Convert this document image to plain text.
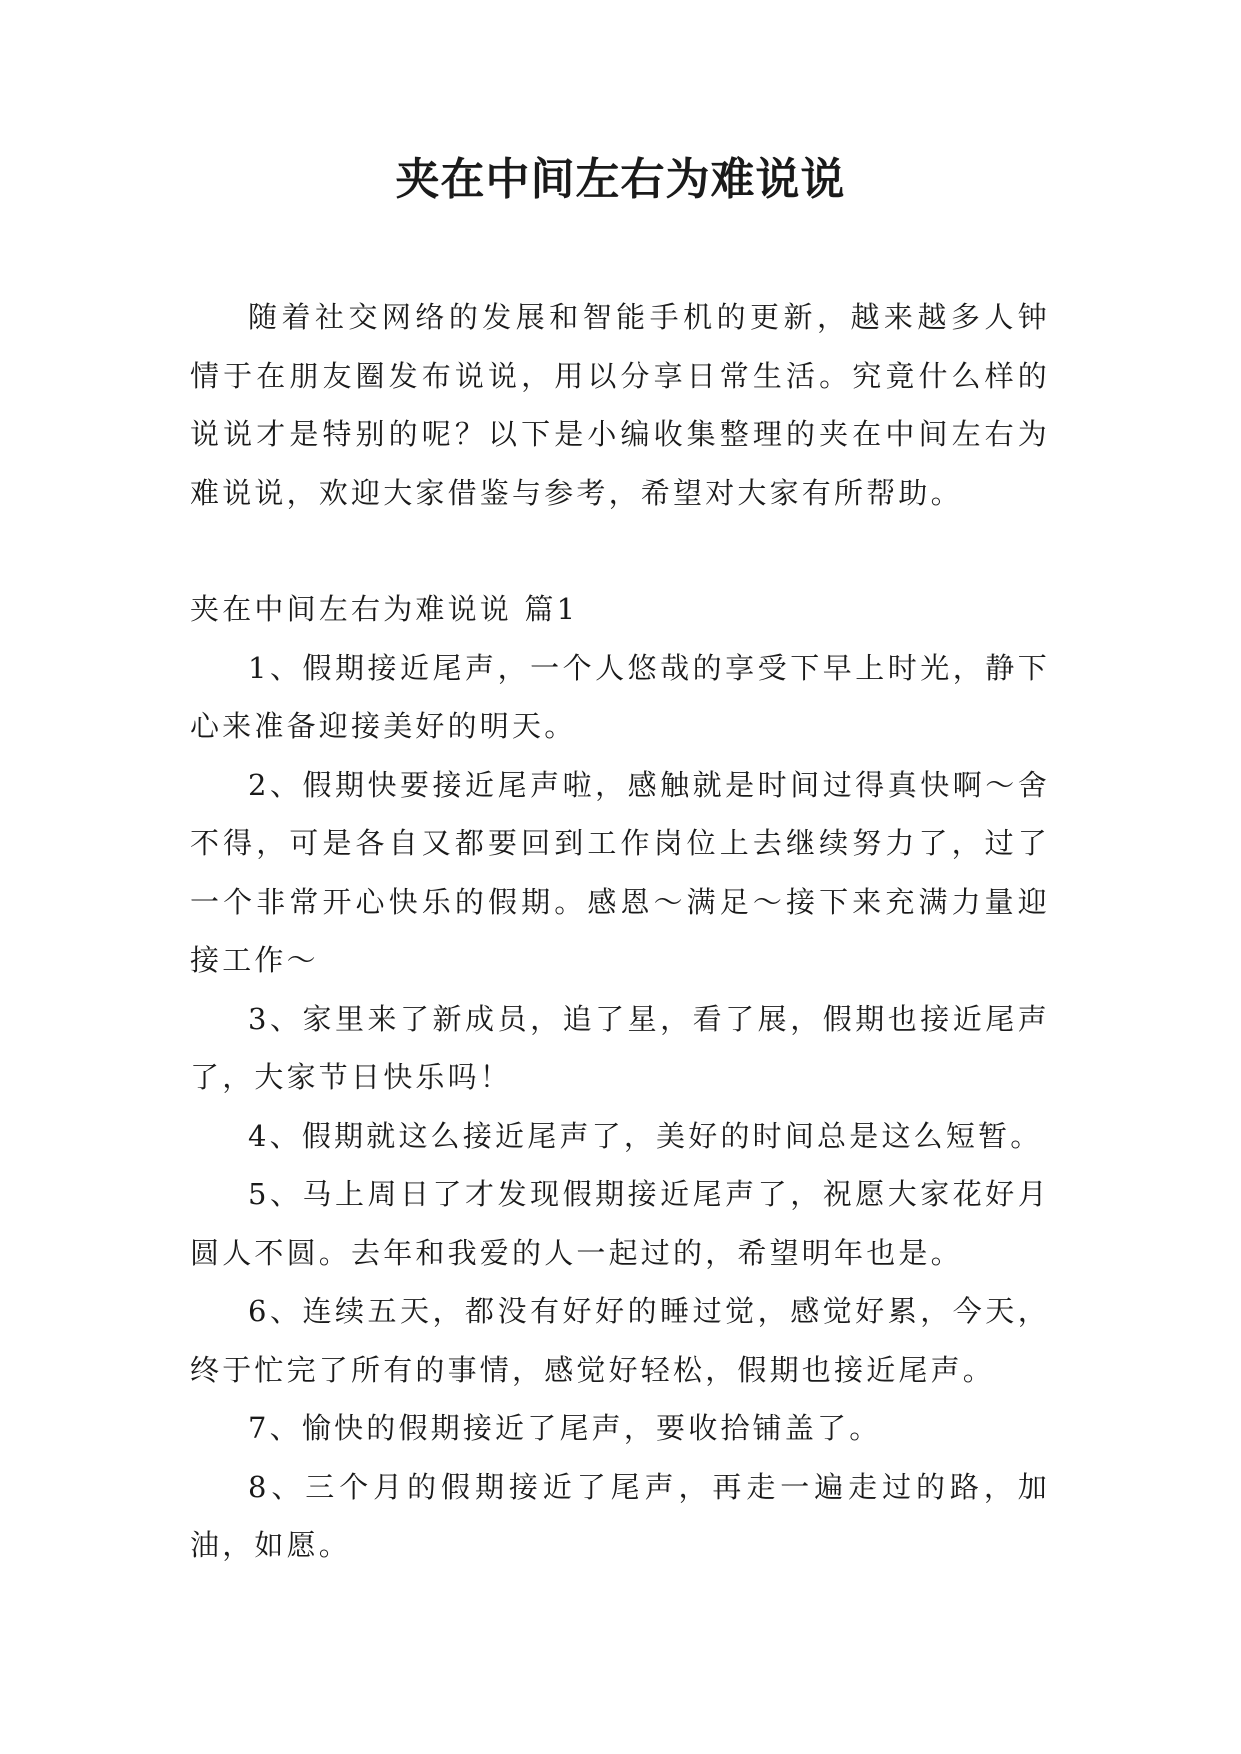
夹在中间左右为难说说

随着社交网络的发展和智能手机的更新，越来越多人钟情于在朋友圈发布说说，用以分享日常生活。究竟什么样的说说才是特别的呢？以下是小编收集整理的夹在中间左右为难说说，欢迎大家借鉴与参考，希望对大家有所帮助。

夹在中间左右为难说说 篇1

1、假期接近尾声，一个人悠哉的享受下早上时光，静下心来准备迎接美好的明天。

2、假期快要接近尾声啦，感触就是时间过得真快啊～舍不得，可是各自又都要回到工作岗位上去继续努力了，过了一个非常开心快乐的假期。感恩～满足～接下来充满力量迎接工作～

3、家里来了新成员，追了星，看了展，假期也接近尾声了，大家节日快乐吗！

4、假期就这么接近尾声了，美好的时间总是这么短暂。

5、马上周日了才发现假期接近尾声了，祝愿大家花好月圆人不圆。去年和我爱的人一起过的，希望明年也是。

6、连续五天，都没有好好的睡过觉，感觉好累，今天，终于忙完了所有的事情，感觉好轻松，假期也接近尾声。

7、愉快的假期接近了尾声，要收拾铺盖了。

8、三个月的假期接近了尾声，再走一遍走过的路，加油，如愿。
